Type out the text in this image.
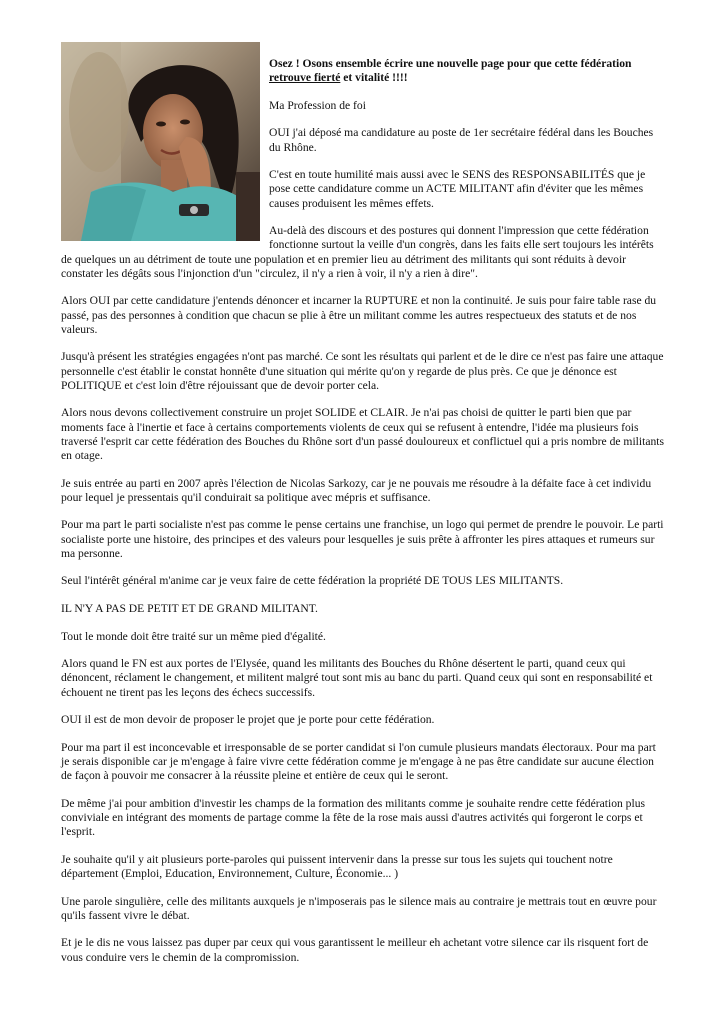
Osez ! Osons ensemble écrire une nouvelle page pour que cette fédération retrouve fierté et vitalité !!!!

Ma Profession de foi

OUI j'ai déposé ma candidature au poste de 1er secrétaire fédéral dans les Bouches du Rhône.

C'est en toute humilité mais aussi avec le SENS des RESPONSABILITÉS que je pose cette candidature comme un ACTE MILITANT afin d'éviter que les mêmes causes produisent les mêmes effets.

Au-delà des discours et des postures qui donnent l'impression que cette fédération fonctionne surtout la veille d'un congrès, dans les faits elle sert toujours les intérêts de quelques un au détriment de toute une population et en premier lieu au détriment des militants qui sont réduits à devoir constater les dégâts sous l'injonction d'un "circulez, il n'y a rien à voir, il n'y a rien à dire".

Alors OUI par cette candidature j'entends dénoncer et incarner la RUPTURE et non la continuité. Je suis pour faire table rase du passé, pas des personnes à condition que chacun se plie à être un militant comme les autres respectueux des statuts et de nos valeurs.

Jusqu'à présent les stratégies engagées n'ont pas marché. Ce sont les résultats qui parlent et de le dire ce n'est pas faire une attaque personnelle c'est établir le constat honnête d'une situation qui mérite qu'on y regarde de plus près. Ce que je dénonce est POLITIQUE et c'est loin d'être réjouissant que de devoir porter cela.

Alors nous devons collectivement construire un projet SOLIDE et CLAIR. Je n'ai pas choisi de quitter le parti bien que par moments face à l'inertie et face à certains comportements violents de ceux qui se refusent à entendre, l'idée ma plusieurs fois traversé l'esprit car cette fédération des Bouches du Rhône sort d'un passé douloureux et conflictuel qui a pris nombre de militants en otage.

Je suis entrée au parti en 2007 après l'élection de Nicolas Sarkozy, car je ne pouvais me résoudre à la défaite face à cet individu pour lequel je pressentais qu'il conduirait sa politique avec mépris et suffisance.

Pour ma part le parti socialiste n'est pas comme le pense certains une franchise, un logo qui permet de prendre le pouvoir. Le parti socialiste porte une histoire, des principes et des valeurs pour lesquelles je suis prête à affronter les pires attaques et rumeurs sur ma personne.

Seul l'intérêt général m'anime car je veux faire de cette fédération la propriété DE TOUS LES MILITANTS.

IL N'Y A PAS DE PETIT ET DE GRAND MILITANT.

Tout le monde doit être traité sur un même pied d'égalité.

Alors quand le FN est aux portes de l'Elysée, quand les militants des Bouches du Rhône désertent le parti, quand ceux qui dénoncent, réclament le changement, et militent malgré tout sont mis au banc du parti. Quand ceux qui sont en responsabilité et échouent ne tirent pas les leçons des échecs successifs.

OUI il est de mon devoir de proposer le projet que je porte pour cette fédération.

Pour ma part il est inconcevable et irresponsable de se porter candidat si l'on cumule plusieurs mandats électoraux. Pour ma part je serais disponible car je m'engage à faire vivre cette fédération comme je m'engage à ne pas être candidate sur aucune élection de façon à pouvoir me consacrer à la réussite pleine et entière de ceux qui le seront.

De même j'ai pour ambition d'investir les champs de la formation des militants comme je souhaite rendre cette fédération plus conviviale en intégrant des moments de partage comme la fête de la rose mais aussi d'autres activités qui forgeront le corps et l'esprit.

Je souhaite qu'il y ait plusieurs porte-paroles qui puissent intervenir dans la presse sur tous les sujets qui touchent notre département (Emploi, Education, Environnement, Culture, Économie... )

Une parole singulière, celle des militants auxquels je n'imposerais pas le silence mais au contraire je mettrais tout en œuvre pour qu'ils fassent vivre le débat.

Et je le dis ne vous laissez pas duper par ceux qui vous garantissent le meilleur eh achetant votre silence car ils risquent fort de vous conduire vers le chemin de la compromission.
